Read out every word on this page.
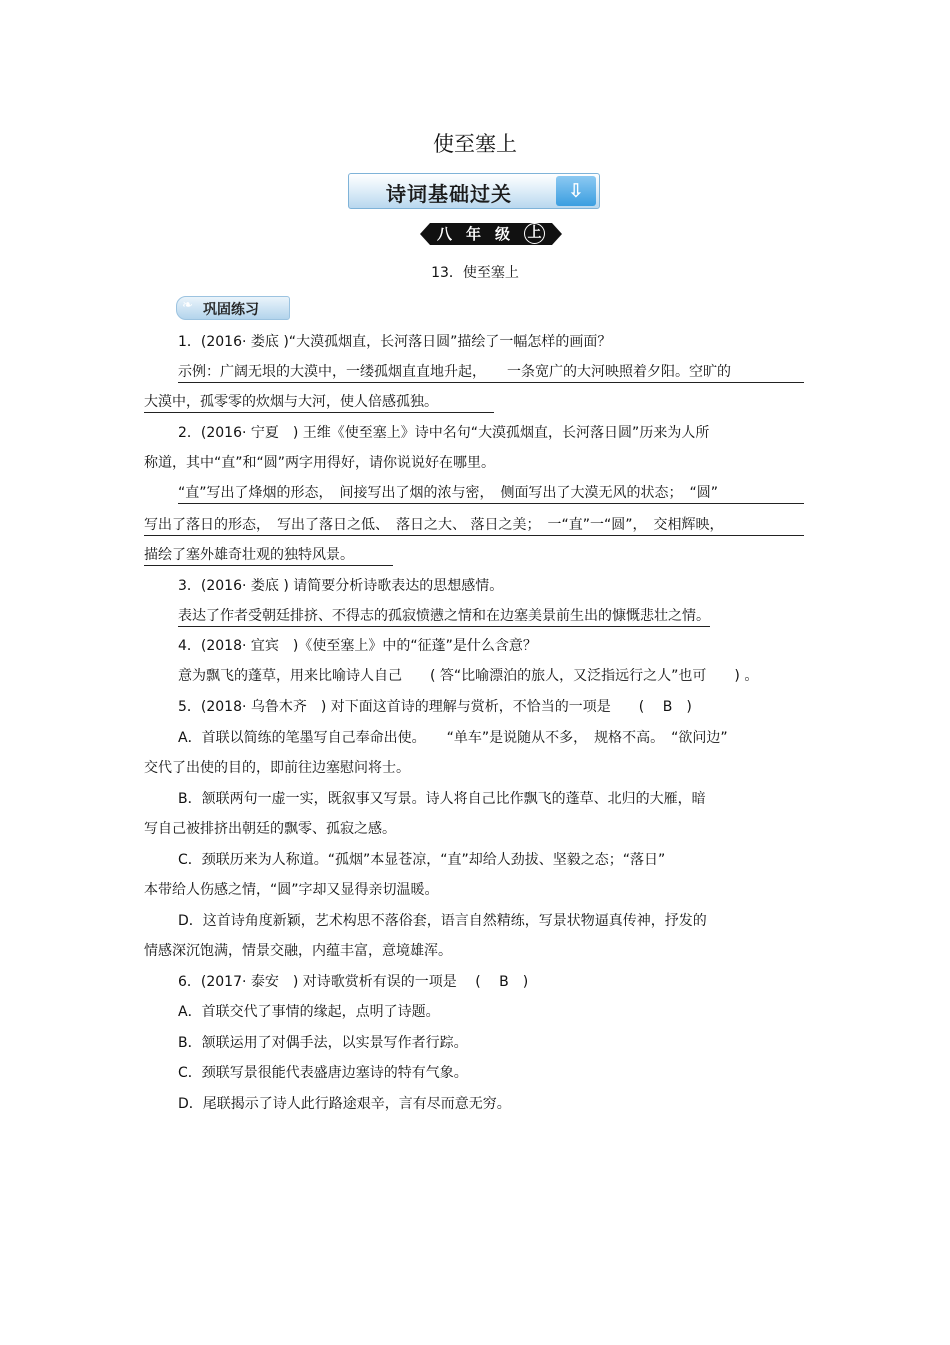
使至塞上
诗词基础过关	⇩
八 年 级 上
13．使至塞上
❧ 巩固练习
1．(2016· 娄底 )“大漠孤烟直，长河落日圆”描绘了一幅怎样的画面？
示例：广阔无垠的大漠中，一缕孤烟直直地升起，　　一条宽广的大河映照着夕阳。空旷的
大漠中，孤零零的炊烟与大河，使人倍感孤独。
2．(2016· 宁夏　) 王维《使至塞上》诗中名句“大漠孤烟直，长河落日圆”历来为人所
称道，其中“直”和“圆”两字用得好，请你说说好在哪里。
“直”写出了烽烟的形态，　间接写出了烟的浓与密，　侧面写出了大漠无风的状态；　“圆”
写出了落日的形态，　写出了落日之低、　落日之大、 落日之美；　一“直”一“圆”，　交相辉映，
描绘了塞外雄奇壮观的独特风景。
3．(2016· 娄底 ) 请简要分析诗歌表达的思想感情。
表达了作者受朝廷排挤、不得志的孤寂愤懑之情和在边塞美景前生出的慷慨悲壮之情。
4．(2018· 宜宾　)《使至塞上》中的“征蓬”是什么含意？
意为飘飞的蓬草，用来比喻诗人自己　　( 答“比喻漂泊的旅人，又泛指远行之人”也可　　) 。
5．(2018· 乌鲁木齐　) 对下面这首诗的理解与赏析，不恰当的一项是　　(　 B　)
A．首联以简练的笔墨写自己奉命出使。　　“单车”是说随从不多，　规格不高。　“欲问边”
交代了出使的目的，即前往边塞慰问将士。
B．颔联两句一虚一实，既叙事又写景。诗人将自己比作飘飞的蓬草、北归的大雁，暗
写自己被排挤出朝廷的飘零、孤寂之感。
C．颈联历来为人称道。“孤烟”本显苍凉，“直”却给人劲拔、坚毅之态；“落日”
本带给人伤感之情，“圆”字却又显得亲切温暖。
D．这首诗角度新颖，艺术构思不落俗套，语言自然精练，写景状物逼真传神，抒发的
情感深沉饱满，情景交融，内蕴丰富，意境雄浑。
6．(2017· 泰安　) 对诗歌赏析有误的一项是　 (　 B　)
A．首联交代了事情的缘起，点明了诗题。
B．颔联运用了对偶手法，以实景写作者行踪。
C．颈联写景很能代表盛唐边塞诗的特有气象。
D．尾联揭示了诗人此行路途艰辛，言有尽而意无穷。
